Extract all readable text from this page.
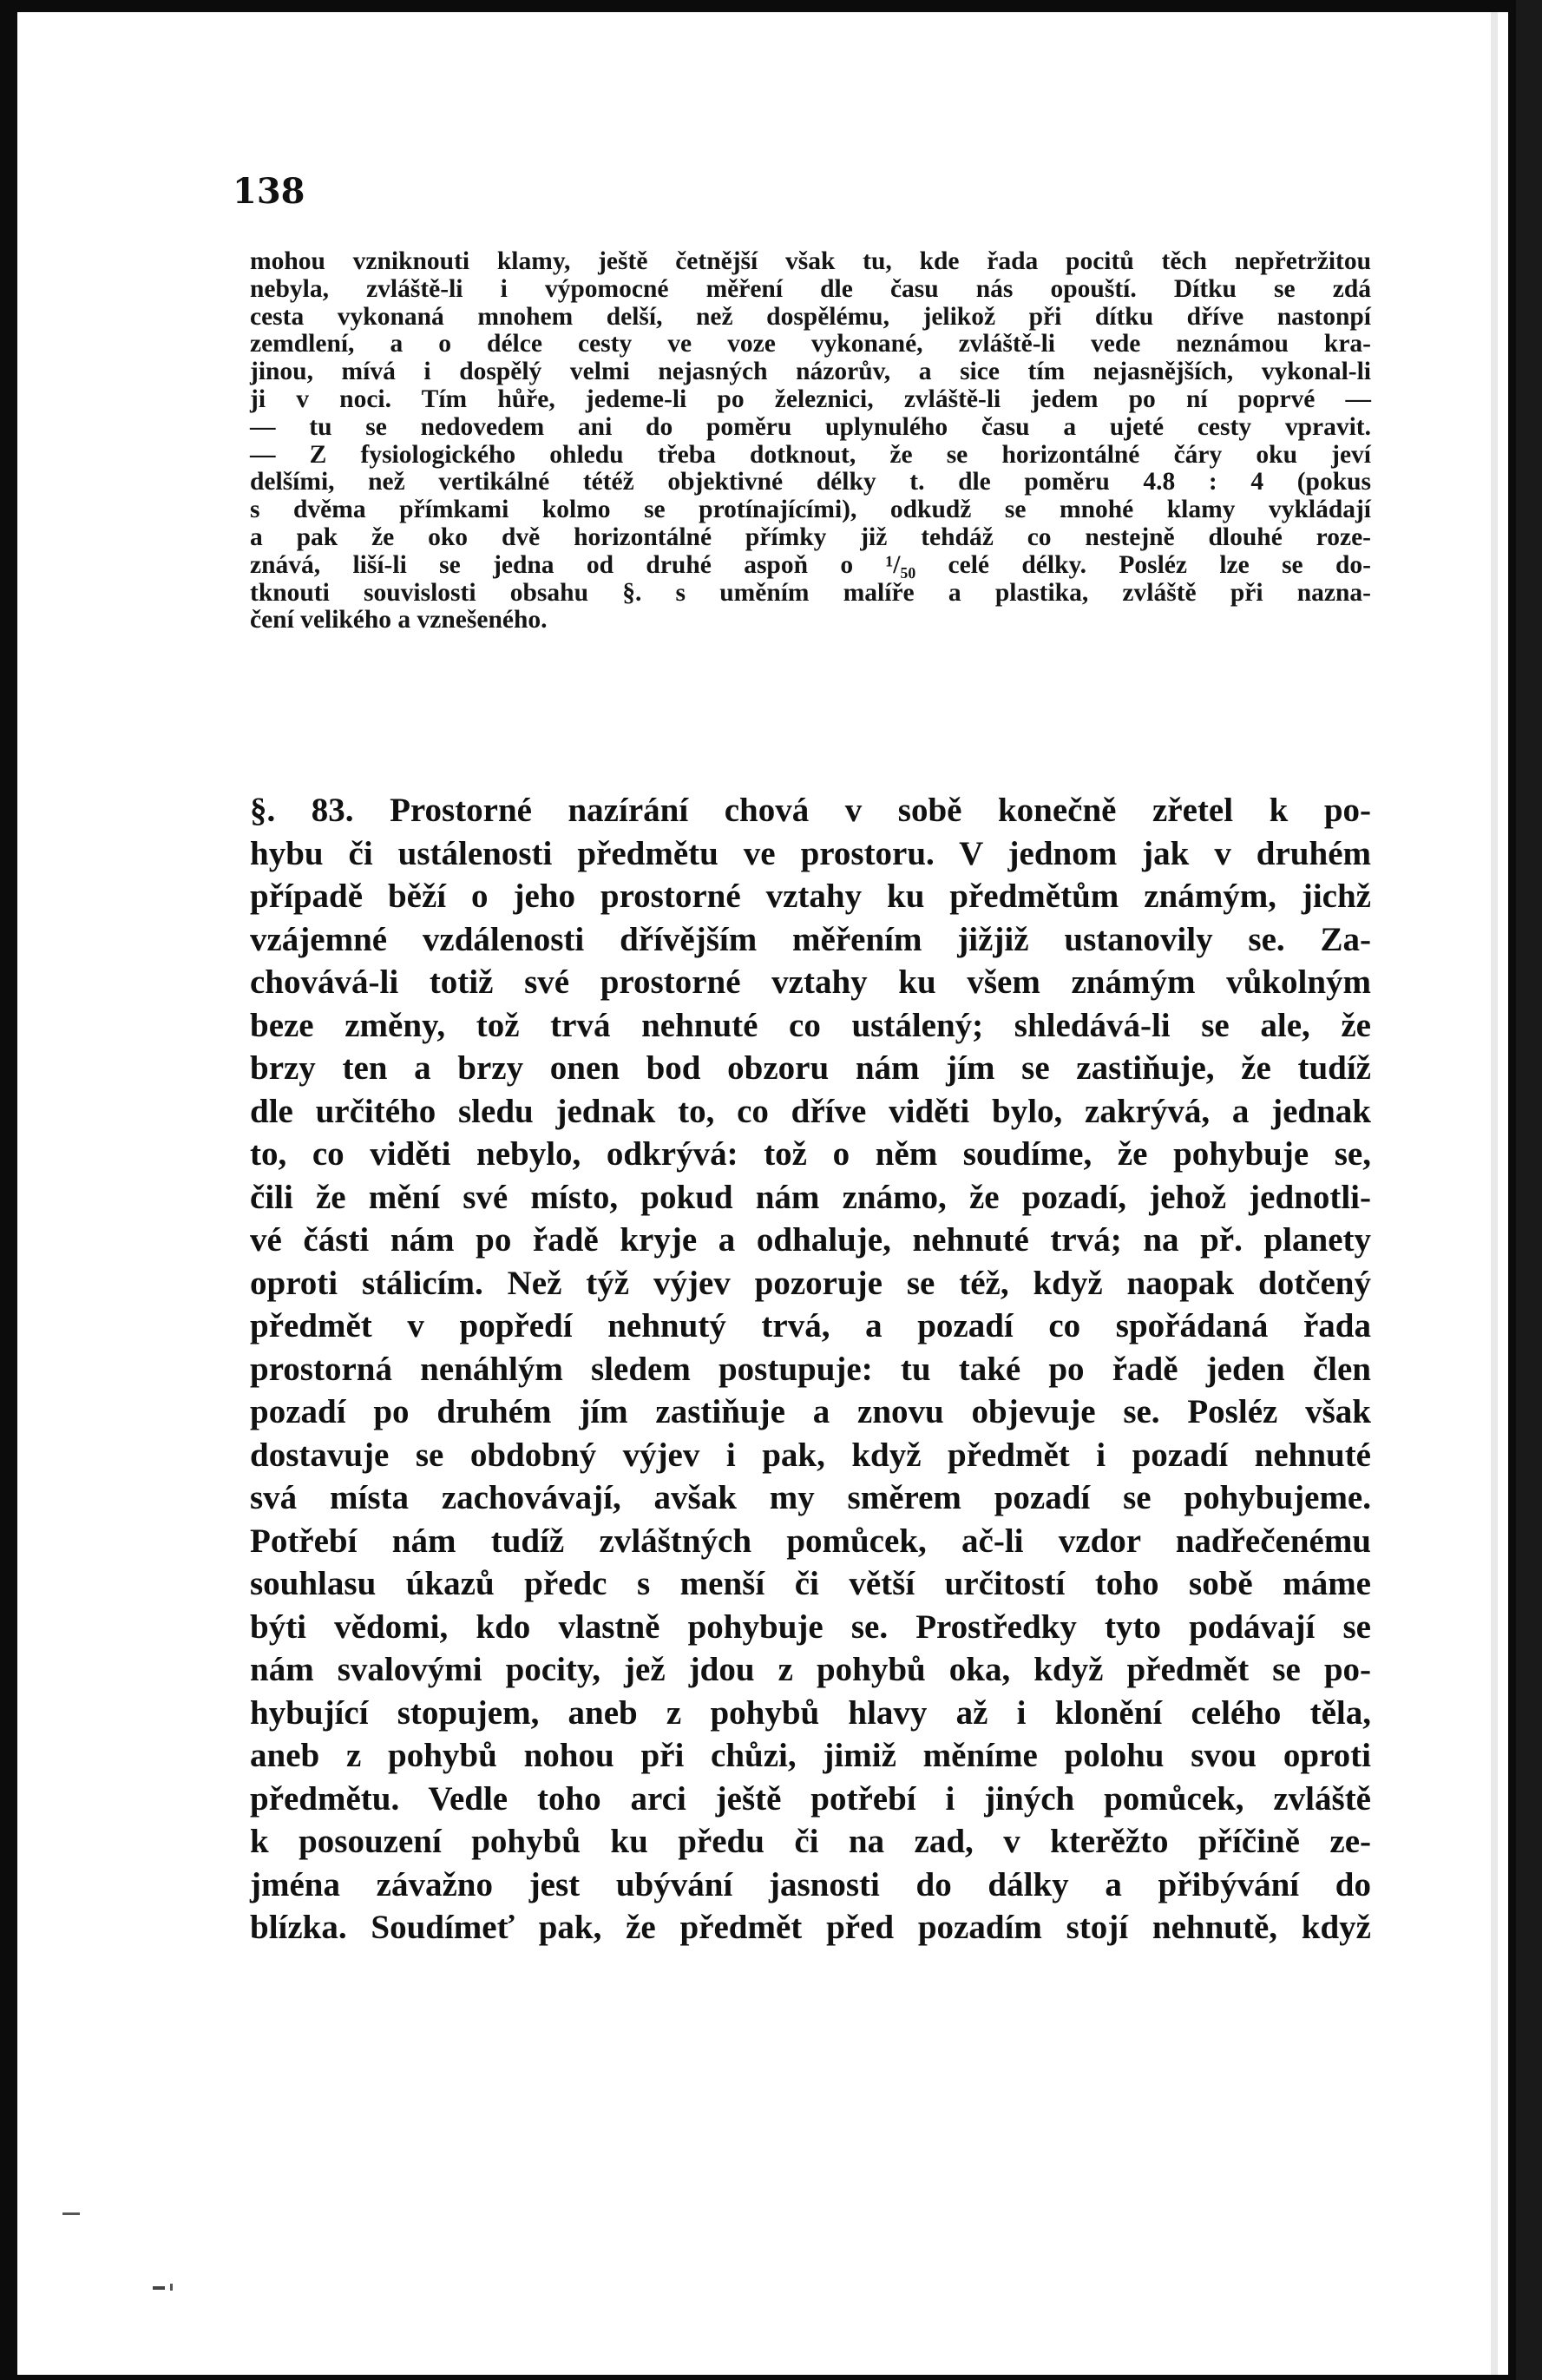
138
mohou vzniknouti klamy, ještě četnější však tu, kde řada pocitů těch nepřetržitou
nebyla, zvláště-li i výpomocné měření dle času nás opouští. Dítku se zdá
cesta vykonaná mnohem delší, než dospělému, jelikož při dítku dříve nastonpí
zemdlení, a o délce cesty ve voze vykonané, zvláště-li vede neznámou kra-
jinou, mívá i dospělý velmi nejasných názorův, a sice tím nejasnějších, vykonal-li
ji v noci. Tím hůře, jedeme-li po železnici, zvláště-li jedem po ní poprvé —
— tu se nedovedem ani do poměru uplynulého času a ujeté cesty vpravit.
— Z fysiologického ohledu třeba dotknout, že se horizontálné čáry oku jeví
delšími, než vertikálné tétéž objektivné délky t. dle poměru 4.8 : 4 (pokus
s dvěma přímkami kolmo se protínajícími), odkudž se mnohé klamy vykládají
a pak že oko dvě horizontálné přímky již tehdáž co nestejně dlouhé roze-
znává, liší-li se jedna od druhé aspoň o ¹/₅₀ celé délky. Posléz lze se do-
tknouti souvislosti obsahu §. s uměním malíře a plastika, zvláště při nazna-
čení velikého a vznešeného.
§. 83. Prostorné nazírání chová v sobě konečně zřetel k po-
hybu či ustálenosti předmětu ve prostoru. V jednom jak v druhém
případě běží o jeho prostorné vztahy ku předmětům známým, jichž
vzájemné vzdálenosti dřívějším měřením jižjiž ustanovily se. Za-
chovává-li totiž své prostorné vztahy ku všem známým vůkolným
beze změny, tož trvá nehnuté co ustálený; shledává-li se ale, že
brzy ten a brzy onen bod obzoru nám jím se zastiňuje, že tudíž
dle určitého sledu jednak to, co dříve viděti bylo, zakrývá, a jednak
to, co viděti nebylo, odkrývá: tož o něm soudíme, že pohybuje se,
čili že mění své místo, pokud nám známo, že pozadí, jehož jednotli-
vé části nám po řadě kryje a odhaluje, nehnuté trvá; na př. planety
oproti stálicím. Než týž výjev pozoruje se též, když naopak dotčený
předmět v popředí nehnutý trvá, a pozadí co spořádaná řada
prostorná nenáhlým sledem postupuje: tu také po řadě jeden člen
pozadí po druhém jím zastiňuje a znovu objevuje se. Posléz však
dostavuje se obdobný výjev i pak, když předmět i pozadí nehnuté
svá místa zachovávají, avšak my směrem pozadí se pohybujeme.
Potřebí nám tudíž zvláštných pomůcek, ač-li vzdor nadřečenému
souhlasu úkazů předc s menší či větší určitostí toho sobě máme
býti vědomi, kdo vlastně pohybuje se. Prostředky tyto podávají se
nám svalovými pocity, jež jdou z pohybů oka, když předmět se po-
hybující stopujem, aneb z pohybů hlavy až i klonění celého těla,
aneb z pohybů nohou při chůzi, jimiž měníme polohu svou oproti
předmětu. Vedle toho arci ještě potřebí i jiných pomůcek, zvláště
k posouzení pohybů ku předu či na zad, v kterěžto příčině ze-
jména závažno jest ubývání jasnosti do dálky a přibývání do
blízka. Soudímeť pak, že předmět před pozadím stojí nehnutě, když
